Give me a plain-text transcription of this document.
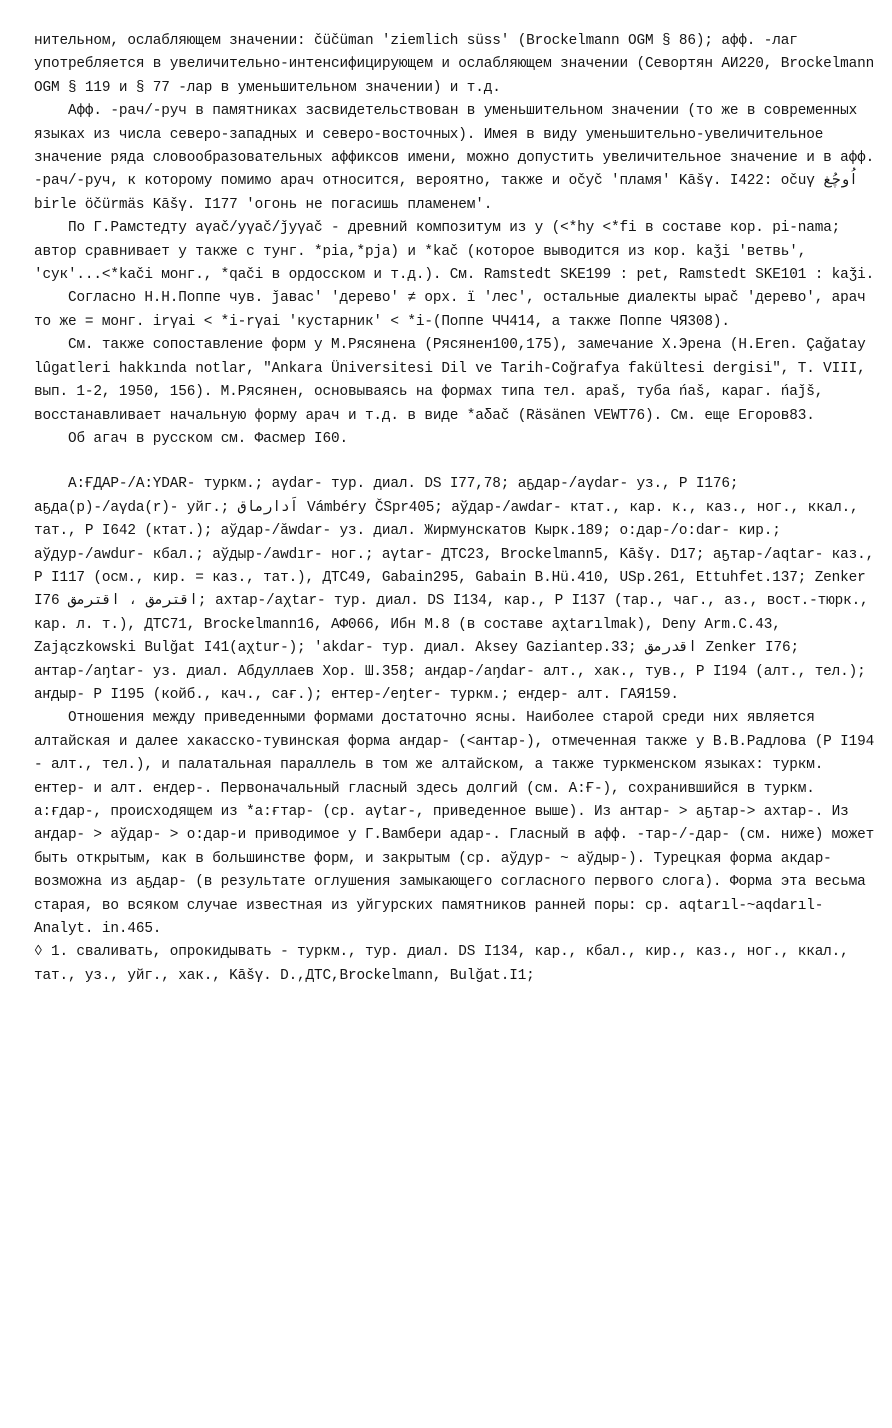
нительном, ослабляющем значении: čüčüman 'ziemlich süss' (Brockelmann OGM § 86); афф. -лаг употребляется в увеличительно-интенсифицирующем и ослабляющем значении (Севортян АИ220, Brockelmann OGM § 119 и § 77 -лар в уменьшительном значении) и т.д.

Афф. -рач/-руч в памятниках засвидетельствован в уменьшительном значении (то же в современных языках из числа северо-западных и северо-восточных). Имея в виду уменьшительно-увеличительное значение ряда словообразовательных аффиксов имени, можно допустить увеличительное значение и в афф. -рач/-руч, к которому помимо арач относится, вероятно, также и оčуč 'пламя' Kāšγ. I422: očuγ اُوچُغ birle öčürmäs Kāšγ. I177 'огонь не погасишь пламенем'.

По Г.Рамстедту aγač/уγač/ǰуγač - древний композитум из у (<*hy <*fi в составе кор. pi-nama; автор сравнивает у также с тунг. *pia,*pja) и *kač (которое выводится из кор. kaǯi 'ветвь', 'сук'...<*kači монг., *qači в ордосском и т.д.). См. Ramstedt SKE199 : pet, Ramstedt SKE101 : kaǯi.

Согласно Н.Н.Поппе чув. ǰaвас' 'дерево' ≠ орх. ї 'лес', остальные диалекты ыраč 'дерево', арач то же = монг. irγai < *i-rγai 'кустарник' < *i-(Поппе ЧЧ414, а также Поппе ЧЯ308).

См. также сопоставление форм у М.Рясянена (Рясянен100,175), замечание Х.Эрена (H.Eren. Çağatay lûgatleri hakkında notlar, "Ankara Üniversitesi Dil ve Tarih-Coğrafya fakültesi dergisi", Т. VIII, вып. 1-2, 1950, 156). М.Рясянен, основываясь на формах типа тел. aрaš, туба ńaš, караг. ńaǰš, восстанавливает начальную форму арач и т.д. в виде *aδač (Räsänen VEWT76). См. еще Егоров83.

Об агач в русском см. Фасмер I60.

A:ҒДАР-/A:ΥDAR- туркм.; aγdar- тур. диал. DS I77,78; аҕдар-/aγdar- уз., Р I176; аҕда(р)-/aγda(r)- уйг.; اَدارماق Vámbéry ČSpr405; аўдар-/awdar- ктат., кар. к., каз., ног., ккал., тат., Р I642 (ктат.); аўдар-/ăwdar- уз. диал. Жирмунскатов Кырк.189; о:дар-/о:dar- кир.; аўдур-/awdur- кбал.; аўдыр-/awdır- ног.; aγtar- ДТС23, Brockelmann5, Kāšγ. D17; аҕтар-/aqtar- каз., Р I117 (осм., кир. = каз., тат.), ДТС49, Gabain295, Gabain B.Hü.410, USp.261, Ettuhfet.137; Zenker I76 اقترمق ، اقترمق; ахтар-/aχtar- тур. диал. DS I134, кар., Р I137 (тар., чаг., аз., вост.-тюрк., кар. л. т.), ДТС71, Brockelmann16, АФ066, Ибн М.8 (в составе aχtarılmak), Deny Arm.C.43, Zajączkowski Bulğat I41(aχtur-); 'akdar- тур. диал. Aksey Gaziantep.33; اقدرمق Zenker I76; аҥтар-/aŋtar- уз. диал. Абдуллаев Хор. Ш.358; аҥдар-/aŋdar- алт., хак., тув., Р I194 (алт., тел.); аҥдыр- Р I195 (койб., кач., сағ.); еҥтер-/eŋter- туркм.; еҥдер- алт. ГАЯ159.

Отношения между приведенными формами достаточно ясны. Наиболее старой среди них является алтайская и далее хакасско-тувинская форма аҥдар- (<аҥтар-), отмеченная также у В.В.Радлова (Р I194 - алт., тел.), и палатальная параллель в том же алтайском, а также туркменском языках: туркм. еҥтер- и алт. еҥдер-. Первоначальный гласный здесь долгий (см. А:Ғ-), сохранившийся в туркм. а:ғдар-, происходящем из *а:ғтар- (ср. aγtar-, приведенное выше). Из аҥтар- > аҕтар-> ахтар-. Из аҥдар- > аўдар- > о:дар-и приводимое у Г.Вамбери адар-. Гласный в афф. -тар-/-дар- (см. ниже) может быть открытым, как в большинстве форм, и закрытым (ср. аўдур- ~ аўдыр-). Турецкая форма акдар- возможна из аҕдар- (в результате оглушения замыкающего согласного первого слога). Форма эта весьма старая, во всяком случае известная из уйгурских памятников ранней поры: ср. aqtarıl-~aqdarıl- Analyt. in.465.

◊ 1. сваливать, опрокидывать - туркм., тур. диал. DS I134, кар., кбал., кир., каз., ног., ккал., тат., уз., уйг., хак., Kāšγ. D.,ДТС,Brockelmann, Bulğat.I1;
